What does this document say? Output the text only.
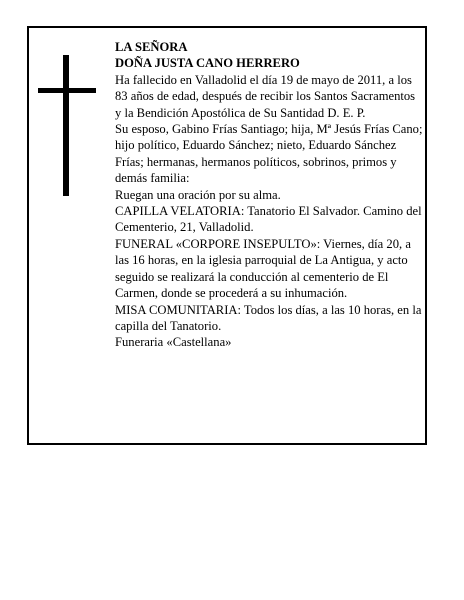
LA SEÑORA

DOÑA JUSTA CANO HERRERO

Ha fallecido en Valladolid el día 19 de mayo de 2011, a los 83 años de edad, después de recibir los Santos Sacramentos y la Bendición Apostólica de Su Santidad D. E. P.

Su esposo, Gabino Frías Santiago; hija, Mª Jesús Frías Cano; hijo político, Eduardo Sánchez; nieto, Eduardo Sánchez Frías; hermanas, hermanos políticos, sobrinos, primos y demás familia:

Ruegan una oración por su alma.

CAPILLA VELATORIA: Tanatorio El Salvador. Camino del Cementerio, 21, Valladolid.

FUNERAL «CORPORE INSEPULTO»: Viernes, día 20, a las 16 horas, en la iglesia parroquial de La Antigua, y acto seguido se realizará la conducción al cementerio de El Carmen, donde se procederá a su inhumación.

MISA COMUNITARIA: Todos los días, a las 10 horas, en la capilla del Tanatorio.

Funeraria «Castellana»
